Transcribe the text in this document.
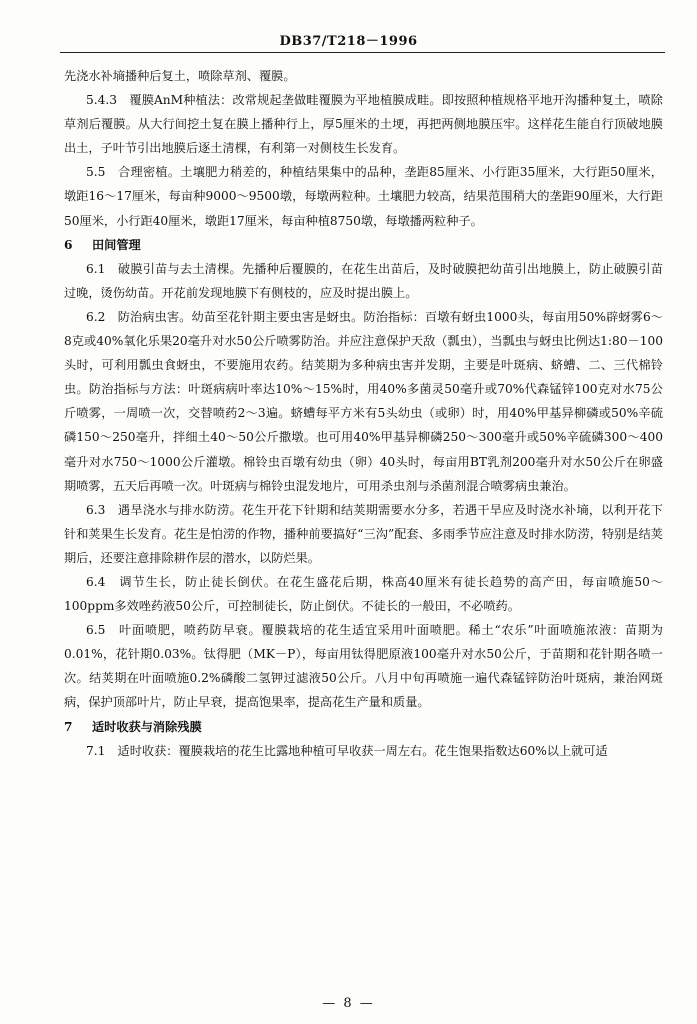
DB37/T218－1996

先浇水补墒播种后复土，喷除草剂、覆膜。

5.4.3　覆膜AnM种植法：改常规起垄做畦覆膜为平地植膜成畦。即按照种植规格平地开沟播种复土，喷除草剂后覆膜。从大行间挖土复在膜上播种行上，厚5厘米的土埂，再把两侧地膜压牢。这样花生能自行顶破地膜出土，子叶节引出地膜后逐土清棵，有利第一对侧枝生长发育。

5.5　合理密植。土壤肥力稍差的，种植结果集中的品种，垄距85厘米、小行距35厘米，大行距50厘米，墩距16～17厘米，每亩种9000～9500墩，每墩两粒种。土壤肥力较高，结果范围稍大的垄距90厘米，大行距50厘米，小行距40厘米，墩距17厘米，每亩种植8750墩，每墩播两粒种子。

6 田间管理

6.1　破膜引苗与去土清棵。先播种后覆膜的，在花生出苗后，及时破膜把幼苗引出地膜上，防止破膜引苗过晚，烫伤幼苗。开花前发现地膜下有侧枝的，应及时提出膜上。

6.2　防治病虫害。幼苗至花针期主要虫害是蚜虫。防治指标：百墩有蚜虫1000头，每亩用50%辟蚜雾6～8克或40%氧化乐果20毫升对水50公斤喷雾防治。并应注意保护天敌（瓢虫），当瓢虫与蚜虫比例达1:80－100头时，可利用瓢虫食蚜虫，不要施用农药。结荚期为多种病虫害并发期，主要是叶斑病、蛴螬、二、三代棉铃虫。防治指标与方法：叶斑病病叶率达10%～15%时，用40%多菌灵50毫升或70%代森锰锌100克对水75公斤喷雾，一周喷一次，交替喷药2～3遍。蛴螬每平方米有5头幼虫（或卵）时，用40%甲基异柳磷或50%辛硫磷150～250毫升，拌细土40～50公斤撒墩。也可用40%甲基异柳磷250～300毫升或50%辛硫磷300～400毫升对水750～1000公斤灌墩。棉铃虫百墩有幼虫（卵）40头时，每亩用BT乳剂200毫升对水50公斤在卵盛期喷雾，五天后再喷一次。叶斑病与棉铃虫混发地片，可用杀虫剂与杀菌剂混合喷雾病虫兼治。

6.3　遇旱浇水与排水防涝。花生开花下针期和结荚期需要水分多，若遇干旱应及时浇水补墒，以利开花下针和荚果生长发育。花生是怕涝的作物，播种前要搞好“三沟”配套、多雨季节应注意及时排水防涝，特别是结荚期后，还要注意排除耕作层的潜水，以防烂果。

6.4　调节生长，防止徒长倒伏。在花生盛花后期，株高40厘米有徒长趋势的高产田，每亩喷施50～100ppm多效唑药液50公斤，可控制徒长，防止倒伏。不徒长的一般田，不必喷药。

6.5　叶面喷肥，喷药防早衰。覆膜栽培的花生适宜采用叶面喷肥。稀土“农乐”叶面喷施浓液：苗期为0.01%，花针期0.03%。钛得肥（MK－P），每亩用钛得肥原液100毫升对水50公斤，于苗期和花针期各喷一次。结荚期在叶面喷施0.2%磷酸二氢钾过滤液50公斤。八月中旬再喷施一遍代森锰锌防治叶斑病，兼治网斑病，保护顶部叶片，防止早衰，提高饱果率，提高花生产量和质量。

7 适时收获与消除残膜

7.1　适时收获：覆膜栽培的花生比露地种植可早收获一周左右。花生饱果指数达60%以上就可适

— 8 —
